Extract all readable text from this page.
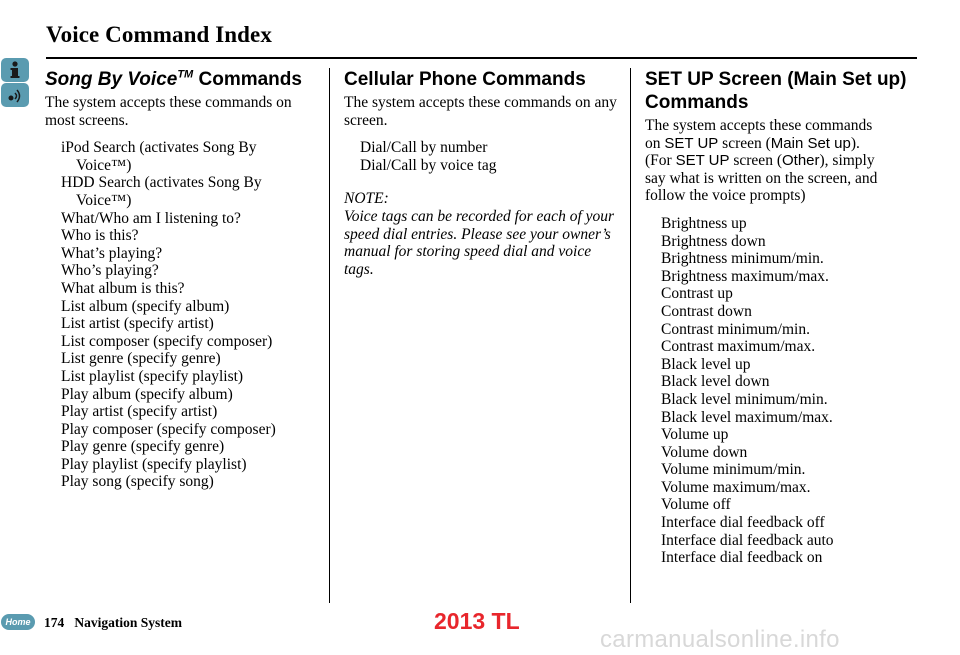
Voice Command Index
Song By Voice™ Commands

The system accepts these commands on most screens.

iPod Search (activates Song By
Voice™)
HDD Search (activates Song By
Voice™)
What/Who am I listening to?
Who is this?
What’s playing?
Who’s playing?
What album is this?
List album (specify album)
List artist (specify artist)
List composer (specify composer)
List genre (specify genre)
List playlist (specify playlist)
Play album (specify album)
Play artist (specify artist)
Play composer (specify composer)
Play genre (specify genre)
Play playlist (specify playlist)
Play song (specify song)
Cellular Phone Commands

The system accepts these commands on any screen.

Dial/Call by number
Dial/Call by voice tag
NOTE:
Voice tags can be recorded for each of your speed dial entries. Please see your owner’s manual for storing speed dial and voice tags.
SET UP Screen (Main Set up) Commands
The system accepts these commands
on SET UP screen (Main Set up).
(For SET UP screen (Other), simply
say what is written on the screen, and
follow the voice prompts)
Brightness up
Brightness down
Brightness minimum/min.
Brightness maximum/max.
Contrast up
Contrast down
Contrast minimum/min.
Contrast maximum/max.
Black level up
Black level down
Black level minimum/min.
Black level maximum/max.
Volume up
Volume down
Volume minimum/min.
Volume maximum/max.
Volume off
Interface dial feedback off
Interface dial feedback auto
Interface dial feedback on
Home	174 Navigation System	2013 TL
carmanualsonline.info
